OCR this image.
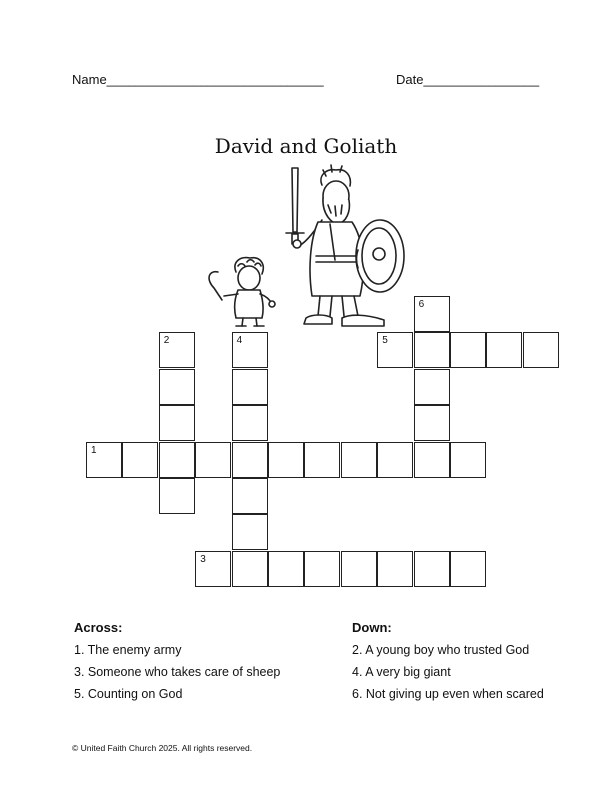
Name______________________________	Date________________
David and Goliath
6
2	4	5
1
3
Across:
1. The enemy army
3. Someone who takes care of sheep
5. Counting on God
Down:
2. A young boy who trusted God
4. A very big giant
6. Not giving up even when scared
© United Faith Church 2025. All rights reserved.
